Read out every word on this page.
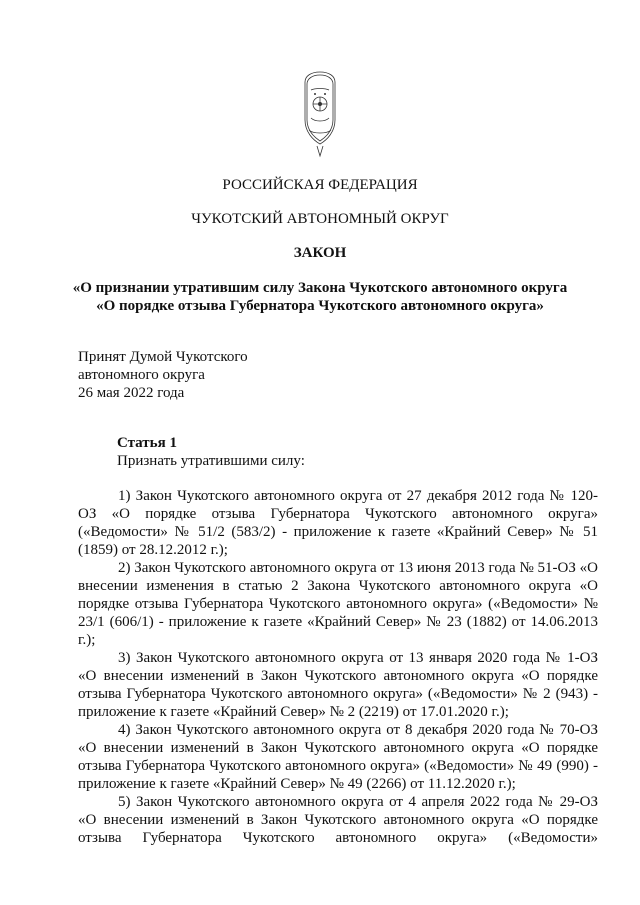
РОССИЙСКАЯ ФЕДЕРАЦИЯ
ЧУКОТСКИЙ АВТОНОМНЫЙ ОКРУГ
ЗАКОН
«О признании утратившим силу Закона Чукотского автономного округа
«О порядке отзыва Губернатора Чукотского автономного округа»
Принят Думой Чукотского
автономного округа
26 мая 2022 года
Статья 1
Признать утратившими силу:

1) Закон Чукотского автономного округа от 27 декабря 2012 года № 120-ОЗ «О порядке отзыва Губернатора Чукотского автономного округа» («Ведомости» № 51/2 (583/2) - приложение к газете «Крайний Север» № 51 (1859) от 28.12.2012 г.);

2) Закон Чукотского автономного округа от 13 июня 2013 года № 51-ОЗ «О внесении изменения в статью 2 Закона Чукотского автономного округа «О порядке отзыва Губернатора Чукотского автономного округа» («Ведомости» № 23/1 (606/1) - приложение к газете «Крайний Север» № 23 (1882) от 14.06.2013 г.);

3) Закон Чукотского автономного округа от 13 января 2020 года № 1-ОЗ «О внесении изменений в Закон Чукотского автономного округа «О порядке отзыва Губернатора Чукотского автономного округа» («Ведомости» № 2 (943) - приложение к газете «Крайний Север» № 2 (2219) от 17.01.2020 г.);

4) Закон Чукотского автономного округа от 8 декабря 2020 года № 70-ОЗ «О внесении изменений в Закон Чукотского автономного округа «О порядке отзыва Губернатора Чукотского автономного округа» («Ведомости» № 49 (990) - приложение к газете «Крайний Север» № 49 (2266) от 11.12.2020 г.);

5) Закон Чукотского автономного округа от 4 апреля 2022 года № 29-ОЗ «О внесении изменений в Закон Чукотского автономного округа «О порядке отзыва Губернатора Чукотского автономного округа» («Ведомости»
